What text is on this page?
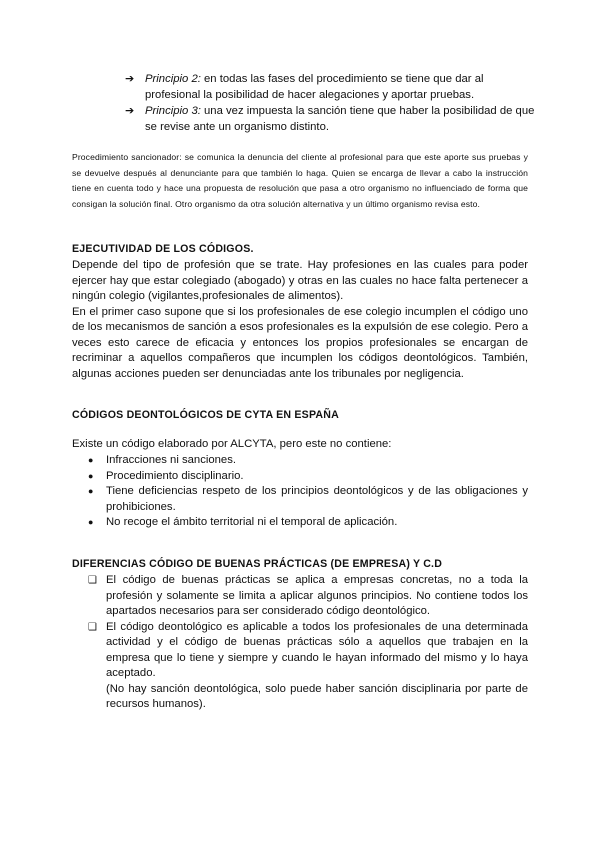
➔ Principio 2: en todas las fases del procedimiento se tiene que dar al profesional la posibilidad de hacer alegaciones y aportar pruebas.
➔ Principio 3: una vez impuesta la sanción tiene que haber la posibilidad de que se revise ante un organismo distinto.
Procedimiento sancionador: se comunica la denuncia del cliente al profesional para que este aporte sus pruebas y se devuelve después al denunciante para que también lo haga. Quien se encarga de llevar a cabo la instrucción tiene en cuenta todo y hace una propuesta de resolución que pasa a otro organismo no influenciado de forma que consigan la solución final. Otro organismo da otra solución alternativa y un último organismo revisa esto.
EJECUTIVIDAD DE LOS CÓDIGOS.

Depende del tipo de profesión que se trate. Hay profesiones en las cuales para poder ejercer hay que estar colegiado (abogado) y otras en las cuales no hace falta pertenecer a ningún colegio (vigilantes,profesionales de alimentos).

En el primer caso supone que si los profesionales de ese colegio incumplen el código uno de los mecanismos de sanción a esos profesionales es la expulsión de ese colegio. Pero a veces esto carece de eficacia y entonces los propios profesionales se encargan de recriminar a aquellos compañeros que incumplen los códigos deontológicos. También, algunas acciones pueden ser denunciadas ante los tribunales por negligencia.

CÓDIGOS DEONTOLÓGICOS DE CYTA EN ESPAÑA
Existe un código elaborado por ALCYTA, pero este no contiene:
●	Infracciones ni sanciones.
●	Procedimiento disciplinario.
●	Tiene deficiencias respeto de los principios deontológicos y de las obligaciones y prohibiciones.
●	No recoge el ámbito territorial ni el temporal de aplicación.
DIFERENCIAS CÓDIGO DE BUENAS PRÁCTICAS (DE EMPRESA) Y C.D
❑ El código de buenas prácticas se aplica a empresas concretas, no a toda la profesión y solamente se limita a aplicar algunos principios. No contiene todos los apartados necesarios para ser considerado código deontológico.
❑ El código deontológico es aplicable a todos los profesionales de una determinada actividad y el código de buenas prácticas sólo a aquellos que trabajen en la empresa que lo tiene y siempre y cuando le hayan informado del mismo y lo haya aceptado.
(No hay sanción deontológica, solo puede haber sanción disciplinaria por parte de recursos humanos).
